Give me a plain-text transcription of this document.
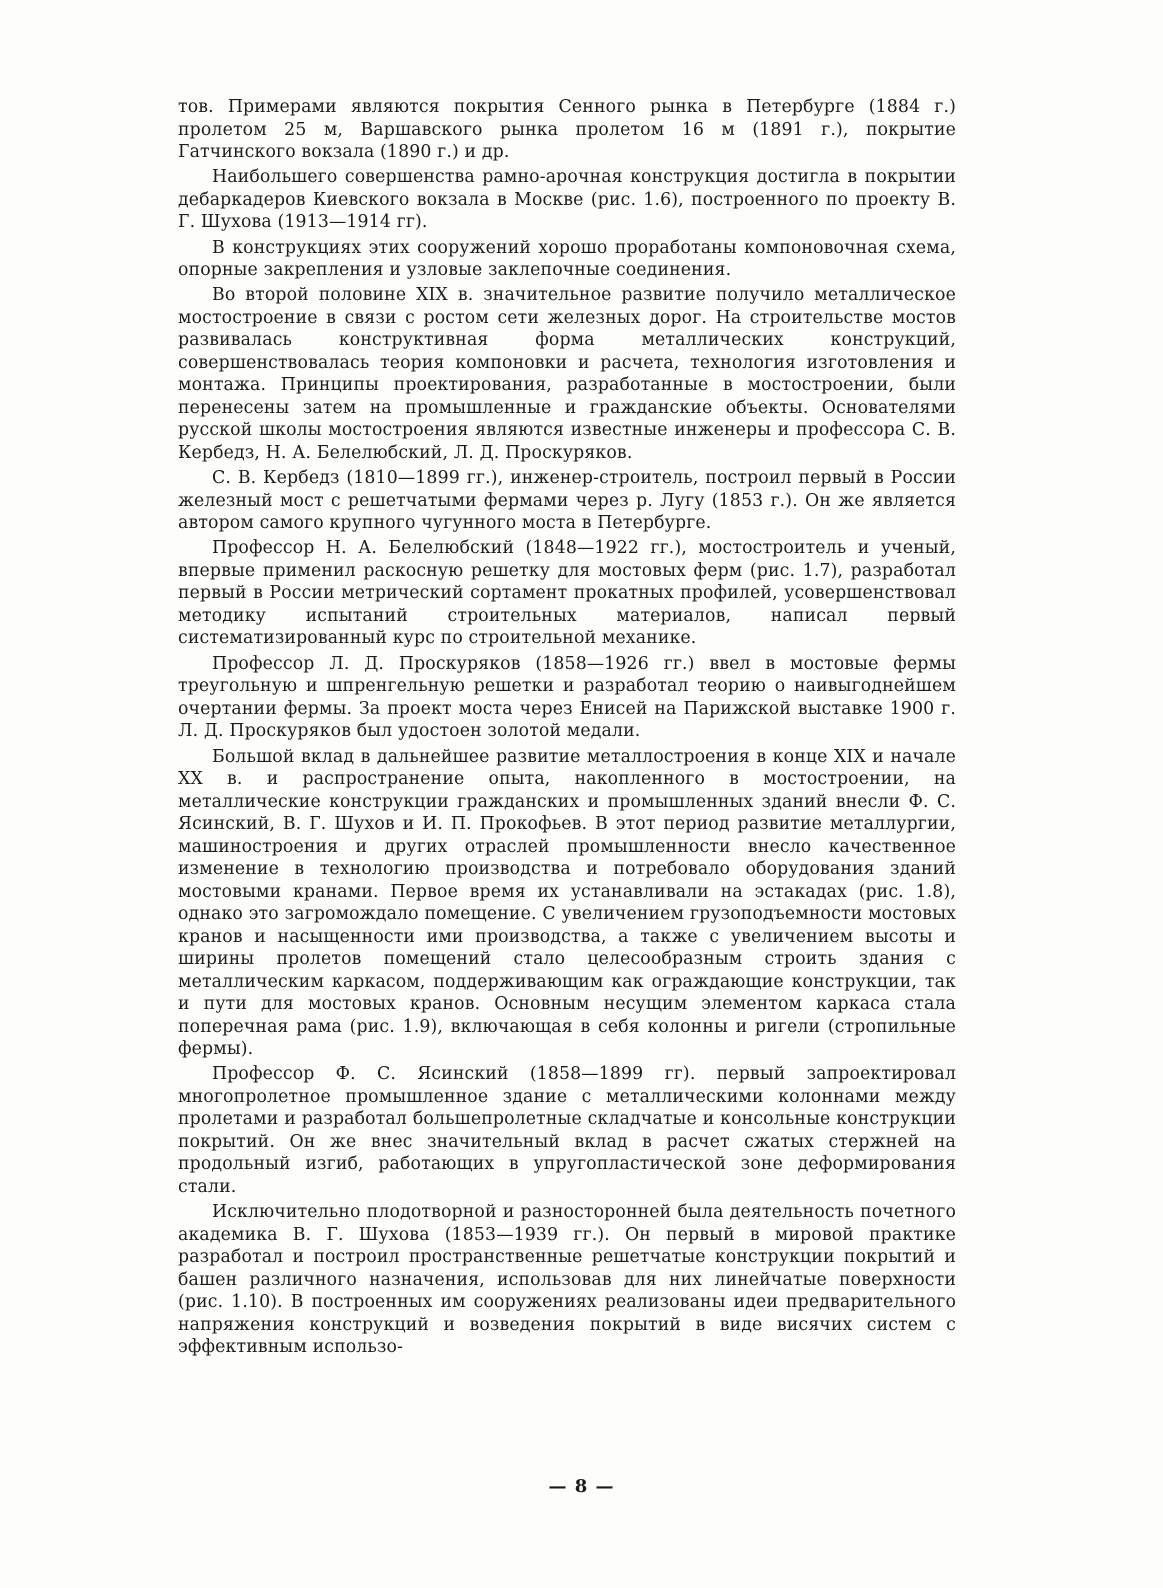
тов. Примерами являются покрытия Сенного рынка в Петербурге (1884 г.) пролетом 25 м, Варшавского рынка пролетом 16 м (1891 г.), покрытие Гатчинского вокзала (1890 г.) и др.

Наибольшего совершенства рамно-арочная конструкция достигла в покрытии дебаркадеров Киевского вокзала в Москве (рис. 1.6), построенного по проекту В. Г. Шухова (1913—1914 гг).

В конструкциях этих сооружений хорошо проработаны компоновочная схема, опорные закрепления и узловые заклепочные соединения.

Во второй половине XIX в. значительное развитие получило металлическое мостостроение в связи с ростом сети железных дорог. На строительстве мостов развивалась конструктивная форма металлических конструкций, совершенствовалась теория компоновки и расчета, технология изготовления и монтажа. Принципы проектирования, разработанные в мостостроении, были перенесены затем на промышленные и гражданские объекты. Основателями русской школы мостостроения являются известные инженеры и профессора С. В. Кербедз, Н. А. Белелюбский, Л. Д. Проскуряков.

С. В. Кербедз (1810—1899 гг.), инженер-строитель, построил первый в России железный мост с решетчатыми фермами через р. Лугу (1853 г.). Он же является автором самого крупного чугунного моста в Петербурге.

Профессор Н. А. Белелюбский (1848—1922 гг.), мостостроитель и ученый, впервые применил раскосную решетку для мостовых ферм (рис. 1.7), разработал первый в России метрический сортамент прокатных профилей, усовершенствовал методику испытаний строительных материалов, написал первый систематизированный курс по строительной механике.

Профессор Л. Д. Проскуряков (1858—1926 гг.) ввел в мостовые фермы треугольную и шпренгельную решетки и разработал теорию о наивыгоднейшем очертании фермы. За проект моста через Енисей на Парижской выставке 1900 г. Л. Д. Проскуряков был удостоен золотой медали.

Большой вклад в дальнейшее развитие металлостроения в конце XIX и начале XX в. и распространение опыта, накопленного в мостостроении, на металлические конструкции гражданских и промышленных зданий внесли Ф. С. Ясинский, В. Г. Шухов и И. П. Прокофьев. В этот период развитие металлургии, машиностроения и других отраслей промышленности внесло качественное изменение в технологию производства и потребовало оборудования зданий мостовыми кранами. Первое время их устанавливали на эстакадах (рис. 1.8), однако это загромождало помещение. С увеличением грузоподъемности мостовых кранов и насыщенности ими производства, а также с увеличением высоты и ширины пролетов помещений стало целесообразным строить здания с металлическим каркасом, поддерживающим как ограждающие конструкции, так и пути для мостовых кранов. Основным несущим элементом каркаса стала поперечная рама (рис. 1.9), включающая в себя колонны и ригели (стропильные фермы).

Профессор Ф. С. Ясинский (1858—1899 гг). первый запроектировал многопролетное промышленное здание с металлическими колоннами между пролетами и разработал большепролетные складчатые и консольные конструкции покрытий. Он же внес значительный вклад в расчет сжатых стержней на продольный изгиб, работающих в упругопластической зоне деформирования стали.

Исключительно плодотворной и разносторонней была деятельность почетного академика В. Г. Шухова (1853—1939 гг.). Он первый в мировой практике разработал и построил пространственные решетчатые конструкции покрытий и башен различного назначения, использовав для них линейчатые поверхности (рис. 1.10). В построенных им сооружениях реализованы идеи предварительного напряжения конструкций и возведения покрытий в виде висячих систем с эффективным использо-

— 8 —
